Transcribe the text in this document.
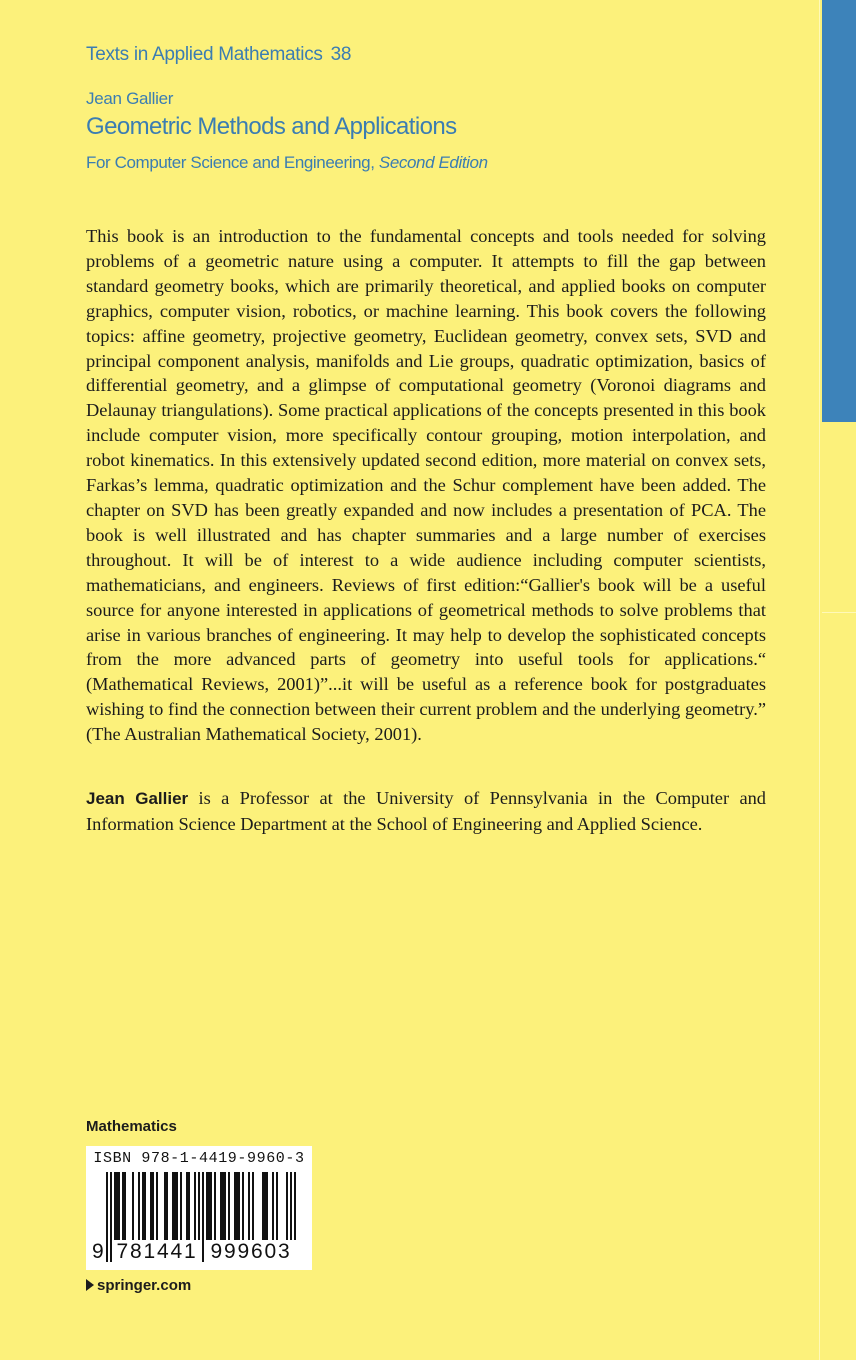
Texts in Applied Mathematics 38
Jean Gallier
Geometric Methods and Applications
For Computer Science and Engineering, Second Edition

This book is an introduction to the fundamental concepts and tools needed for solving problems of a geometric nature using a computer. It attempts to fill the gap between standard geometry books, which are primarily theoretical, and applied books on computer graphics, computer vision, robotics, or machine learning. This book covers the following topics: affine geometry, projective geometry, Euclidean geometry, convex sets, SVD and principal component analysis, manifolds and Lie groups, quadratic optimization, basics of differential geometry, and a glimpse of computational geometry (Voronoi diagrams and Delaunay triangulations). Some practical applications of the concepts presented in this book include computer vision, more specifically contour grouping, motion interpolation, and robot kinematics. In this extensively updated second edition, more material on convex sets, Farkas’s lemma, quadratic optimization and the Schur complement have been added. The chapter on SVD has been greatly expanded and now includes a presentation of PCA. The book is well illustrated and has chapter summaries and a large number of exercises throughout. It will be of interest to a wide audience including computer scientists, mathematicians, and engineers. Reviews of first edition:“Gallier's book will be a useful source for anyone interested in applications of geometrical methods to solve problems that arise in various branches of engineering. It may help to develop the sophisticated concepts from the more advanced parts of geometry into useful tools for applications.“ (Mathematical Reviews, 2001)”...it will be useful as a reference book for postgraduates wishing to find the connection between their current problem and the underlying geometry.” (The Australian Mathematical Society, 2001).

Jean Gallier is a Professor at the University of Pennsylvania in the Computer and Information Science Department at the School of Engineering and Applied Science.

Mathematics
ISBN 978-1-4419-9960-3
9 781441 999603
springer.com
